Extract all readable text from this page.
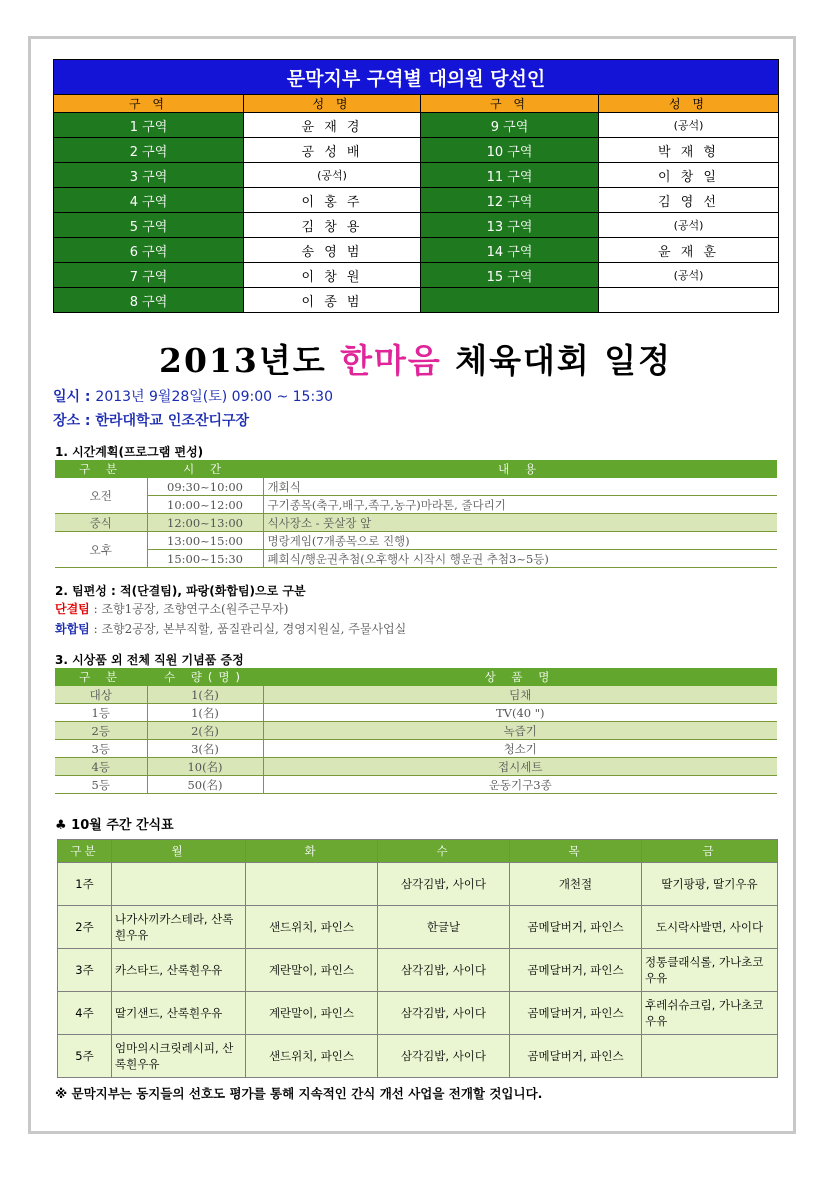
문막지부 구역별 대의원 당선인			
구 역	성 명	구 역	성 명
1 구역	윤 재 경	9 구역	(공석)
2 구역	공 성 배	10 구역	박 재 형
3 구역	(공석)	11 구역	이 창 일
4 구역	이 홍 주	12 구역	김 영 선
5 구역	김 창 용	13 구역	(공석)
6 구역	송 영 범	14 구역	윤 재 훈
7 구역	이 창 원	15 구역	(공석)
8 구역	이 종 범		
2013년도 한마음 체육대회 일정
일시 : 2013년 9월28일(토) 09:00 ~ 15:30
장소 : 한라대학교 인조잔디구장
1. 시간계획(프로그램 편성)
구 분	시 간	내 용
오전	09:30~10:00	개회식
	10:00~12:00	구기종목(축구,배구,족구,농구)마라톤, 줄다리기
중식	12:00~13:00	식사장소 - 풋살장 앞
오후	13:00~15:00	명랑게임(7개종목으로 진행)
	15:00~15:30	폐회식/행운권추첨(오후행사 시작시 행운권 추첨3~5등)
2. 팀편성 : 적(단결팀), 파랑(화합팀)으로 구분
단결팀 : 조향1공장, 조향연구소(원주근무자)
화합팀 : 조향2공장, 본부직할, 품질관리실, 경영지원실, 주물사업실
3. 시상품 외 전체 직원 기념품 증정
구 분	수 량(명)	상 품 명
대상	1(名)	딤채
1등	1(名)	TV(40 ")
2등	2(名)	녹즙기
3등	3(名)	청소기
4등	10(名)	접시세트
5등	50(名)	운동기구3종
♣ 10월 주간 간식표
구분	월	화	수	목	금
1주			삼각김밥, 사이다	개천절	딸기팡팡, 딸기우유
2주	나가사끼카스테라, 산록흰우유	샌드위치, 파인스	한글날	곰메달버거, 파인스	도시락사발면, 사이다
3주	카스타드, 산록흰우유	계란말이, 파인스	삼각김밥, 사이다	곰메달버거, 파인스	정통클래식롤, 가나초코우유
4주	딸기샌드, 산록흰우유	계란말이, 파인스	삼각김밥, 사이다	곰메달버거, 파인스	후레쉬슈크림, 가나초코우유
5주	엄마의시크릿레시피, 산록흰우유	샌드위치, 파인스	삼각김밥, 사이다	곰메달버거, 파인스	
※ 문막지부는 동지들의 선호도 평가를 통해 지속적인 간식 개선 사업을 전개할 것입니다.
